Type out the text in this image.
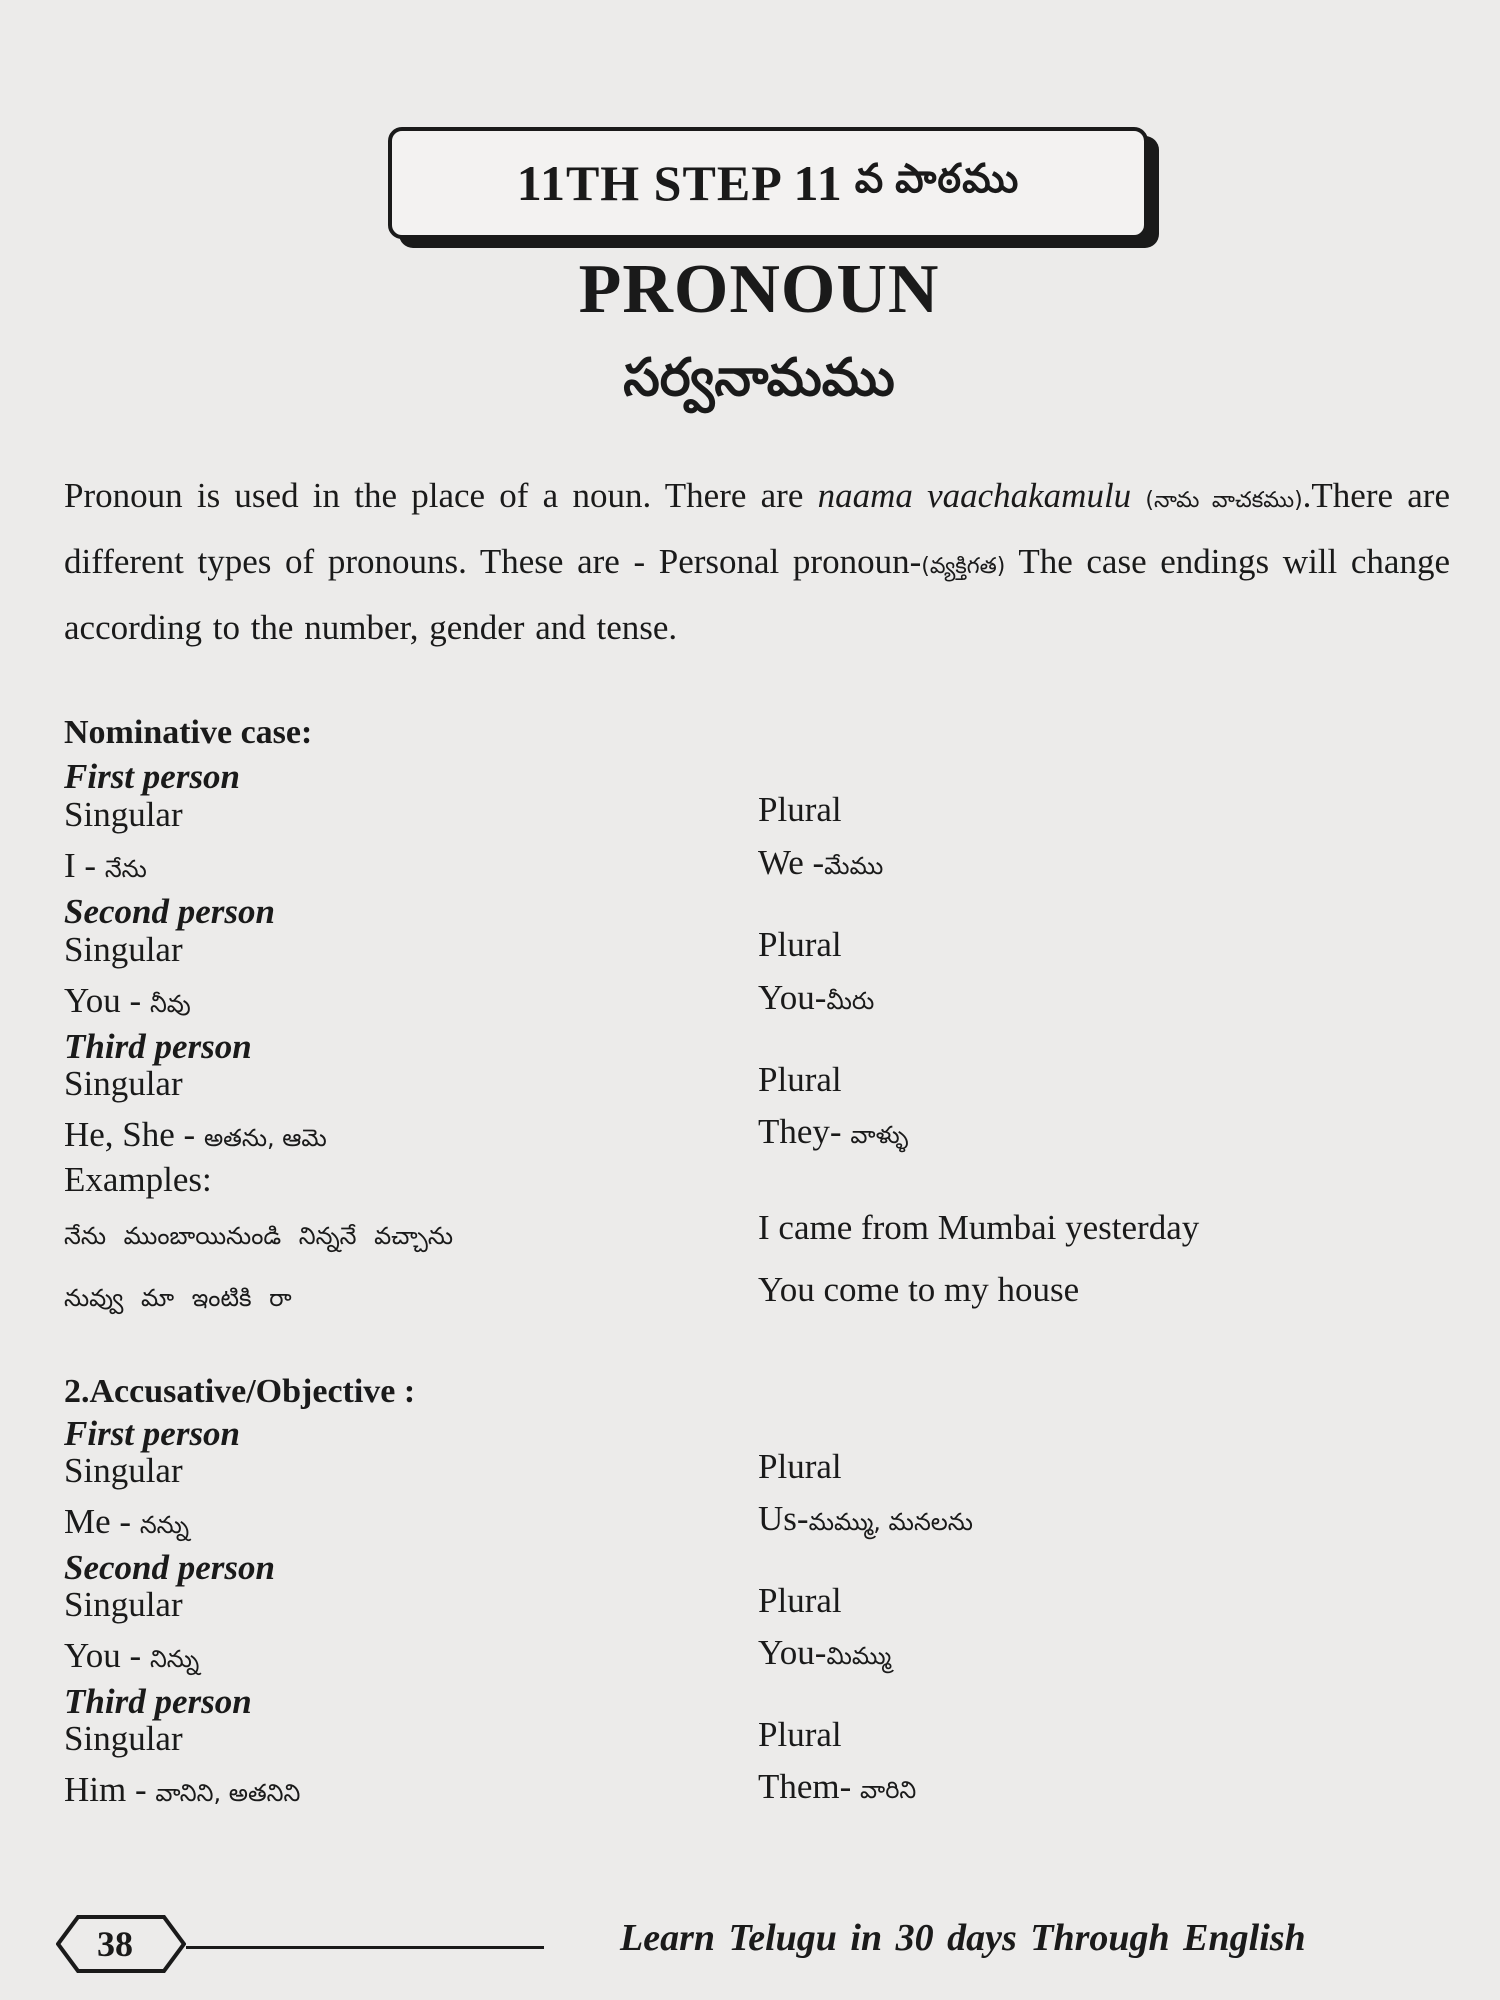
11TH STEP 11 వ పాఠము
PRONOUN
సర్వనామము
Pronoun is used in the place of a noun. There are naama vaachakamulu (నామ వాచకము).There are different types of pronouns. These are - Personal pronoun-(వ్యక్తిగత) The case endings will change according to the number, gender and tense.
Nominative case:
First person
Singular	Plural
I - నేను	We -మేము
Second person
Singular	Plural
You - నీవు	You-మీరు
Third person
Singular	Plural
He, She - అతను, ఆమె	They- వాళ్ళు
Examples:
నేను ముంబాయినుండి నిన్ననే వచ్చాను	I came from Mumbai yesterday
నువ్వు మా ఇంటికి రా	You come to my house
2.Accusative/Objective :
First person
Singular	Plural
Me - నన్ను	Us-మమ్ము, మనలను
Second person
Singular	Plural
You - నిన్ను	You-మిమ్ము
Third person
Singular	Plural
Him - వానిని, అతనిని	Them- వారిని
38	Learn Telugu in 30 days Through English
